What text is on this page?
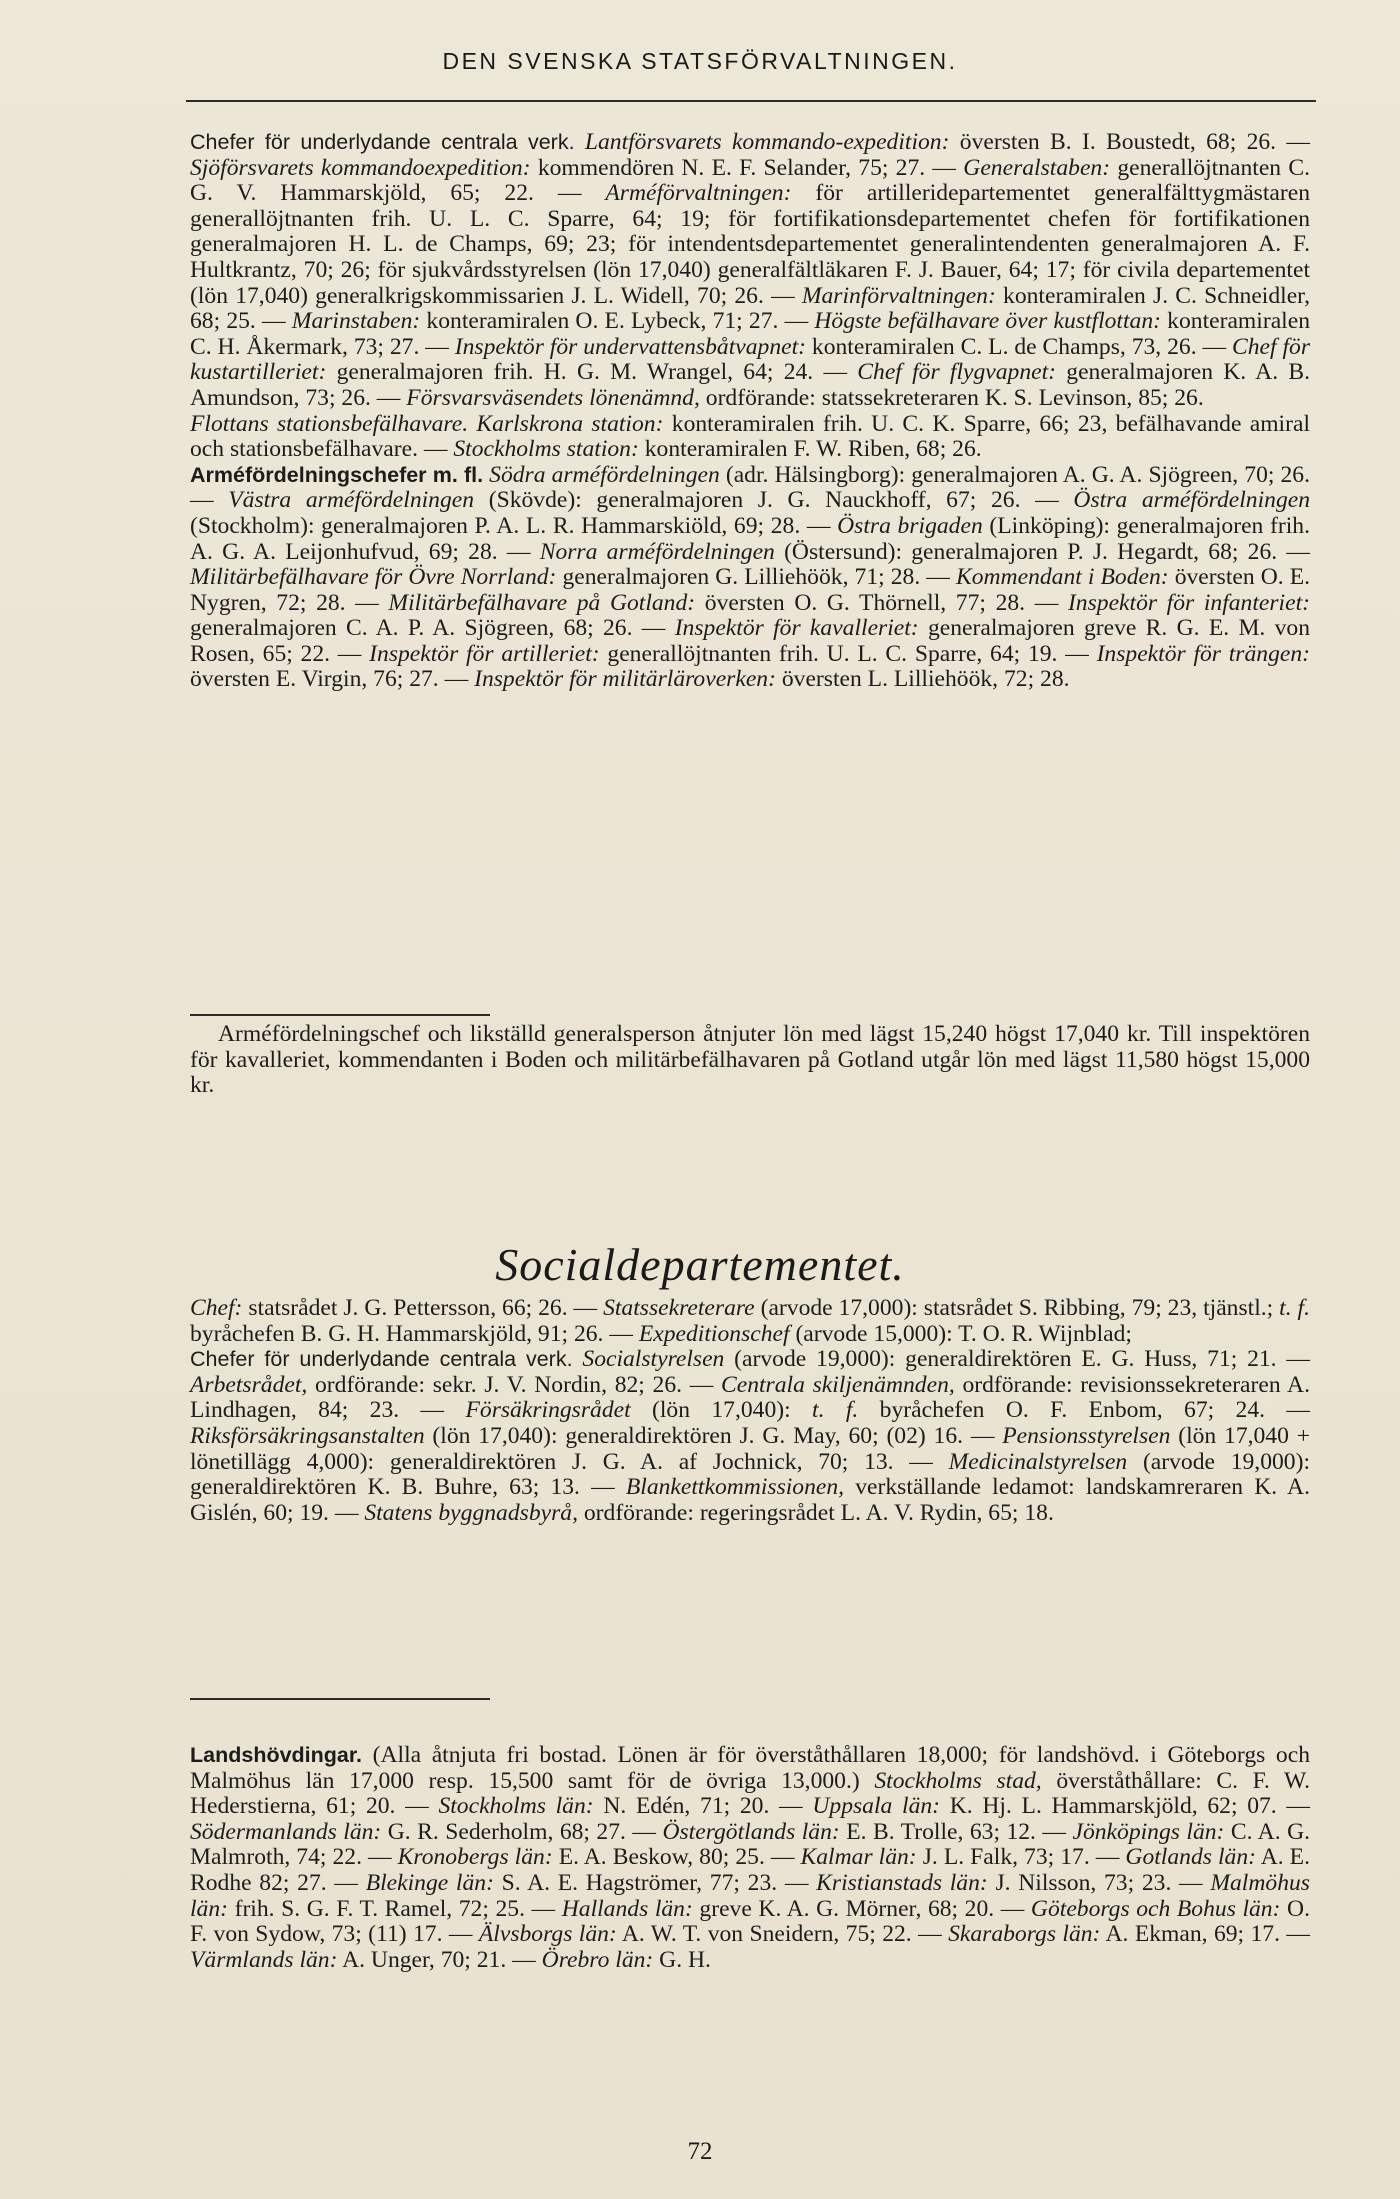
DEN SVENSKA STATSFÖRVALTNINGEN.

Chefer för underlydande centrala verk. Lantförsvarets kommando-expedition: översten B. I. Boustedt, 68; 26. — Sjöförsvarets kommandoexpedition: kommendören N. E. F. Selander, 75; 27. — Generalstaben: generallöjtnanten C. G. V. Hammarskjöld, 65; 22. — Arméförvaltningen: för artilleridepartementet generalfälttygmästaren generallöjtnanten frih. U. L. C. Sparre, 64; 19; för fortifikationsdepartementet chefen för fortifikationen generalmajoren H. L. de Champs, 69; 23; för intendentsdepartementet generalintendenten generalmajoren A. F. Hultkrantz, 70; 26; för sjukvårdsstyrelsen (lön 17,040) generalfältläkaren F. J. Bauer, 64; 17; för civila departementet (lön 17,040) generalkrigskommissarien J. L. Widell, 70; 26. — Marinförvaltningen: konteramiralen J. C. Schneidler, 68; 25. — Marinstaben: konteramiralen O. E. Lybeck, 71; 27. — Högste befälhavare över kustflottan: konteramiralen C. H. Åkermark, 73; 27. — Inspektör för undervattensbåtvapnet: konteramiralen C. L. de Champs, 73, 26. — Chef för kustartilleriet: generalmajoren frih. H. G. M. Wrangel, 64; 24. — Chef för flygvapnet: generalmajoren K. A. B. Amundson, 73; 26. — Försvarsväsendets lönenämnd, ordförande: statssekreteraren K. S. Levinson, 85; 26.

Flottans stationsbefälhavare. Karlskrona station: konteramiralen frih. U. C. K. Sparre, 66; 23, befälhavande amiral och stationsbefälhavare. — Stockholms station: konteramiralen F. W. Riben, 68; 26.

Arméfördelningschefer m. fl. Södra arméfördelningen (adr. Hälsingborg): generalmajoren A. G. A. Sjögreen, 70; 26. — Västra arméfördelningen (Skövde): generalmajoren J. G. Nauckhoff, 67; 26. — Östra arméfördelningen (Stockholm): generalmajoren P. A. L. R. Hammarskiöld, 69; 28. — Östra brigaden (Linköping): generalmajoren frih. A. G. A. Leijonhufvud, 69; 28. — Norra arméfördelningen (Östersund): generalmajoren P. J. Hegardt, 68; 26. — Militärbefälhavare för Övre Norrland: generalmajoren G. Lilliehöök, 71; 28. — Kommendant i Boden: översten O. E. Nygren, 72; 28. — Militärbefälhavare på Gotland: översten O. G. Thörnell, 77; 28. — Inspektör för infanteriet: generalmajoren C. A. P. A. Sjögreen, 68; 26. — Inspektör för kavalleriet: generalmajoren greve R. G. E. M. von Rosen, 65; 22. — Inspektör för artilleriet: generallöjtnanten frih. U. L. C. Sparre, 64; 19. — Inspektör för trängen: översten E. Virgin, 76; 27. — Inspektör för militärläroverken: översten L. Lilliehöök, 72; 28.

Arméfördelningschef och likställd generalsperson åtnjuter lön med lägst 15,240 högst 17,040 kr. Till inspektören för kavalleriet, kommendanten i Boden och militärbefälhavaren på Gotland utgår lön med lägst 11,580 högst 15,000 kr.

Socialdepartementet.

Chef: statsrådet J. G. Pettersson, 66; 26. — Statssekreterare (arvode 17,000): statsrådet S. Ribbing, 79; 23, tjänstl.; t. f. byråchefen B. G. H. Hammarskjöld, 91; 26. — Expeditionschef (arvode 15,000): T. O. R. Wijnblad;

Chefer för underlydande centrala verk. Socialstyrelsen (arvode 19,000): generaldirektören E. G. Huss, 71; 21. — Arbetsrådet, ordförande: sekr. J. V. Nordin, 82; 26. — Centrala skiljenämnden, ordförande: revisionssekreteraren A. Lindhagen, 84; 23. — Försäkringsrådet (lön 17,040): t. f. byråchefen O. F. Enbom, 67; 24. — Riksförsäkringsanstalten (lön 17,040): generaldirektören J. G. May, 60; (02) 16. — Pensionsstyrelsen (lön 17,040 + lönetillägg 4,000): generaldirektören J. G. A. af Jochnick, 70; 13. — Medicinalstyrelsen (arvode 19,000): generaldirektören K. B. Buhre, 63; 13. — Blankettkommissionen, verkställande ledamot: landskamreraren K. A. Gislén, 60; 19. — Statens byggnadsbyrå, ordförande: regeringsrådet L. A. V. Rydin, 65; 18.

Landshövdingar. (Alla åtnjuta fri bostad. Lönen är för överståthållaren 18,000; för landshövd. i Göteborgs och Malmöhus län 17,000 resp. 15,500 samt för de övriga 13,000.) Stockholms stad, överståthållare: C. F. W. Hederstierna, 61; 20. — Stockholms län: N. Edén, 71; 20. — Uppsala län: K. Hj. L. Hammarskjöld, 62; 07. — Södermanlands län: G. R. Sederholm, 68; 27. — Östergötlands län: E. B. Trolle, 63; 12. — Jönköpings län: C. A. G. Malmroth, 74; 22. — Kronobergs län: E. A. Beskow, 80; 25. — Kalmar län: J. L. Falk, 73; 17. — Gotlands län: A. E. Rodhe 82; 27. — Blekinge län: S. A. E. Hagströmer, 77; 23. — Kristianstads län: J. Nilsson, 73; 23. — Malmöhus län: frih. S. G. F. T. Ramel, 72; 25. — Hallands län: greve K. A. G. Mörner, 68; 20. — Göteborgs och Bohus län: O. F. von Sydow, 73; (11) 17. — Älvsborgs län: A. W. T. von Sneidern, 75; 22. — Skaraborgs län: A. Ekman, 69; 17. — Värmlands län: A. Unger, 70; 21. — Örebro län: G. H.

72
